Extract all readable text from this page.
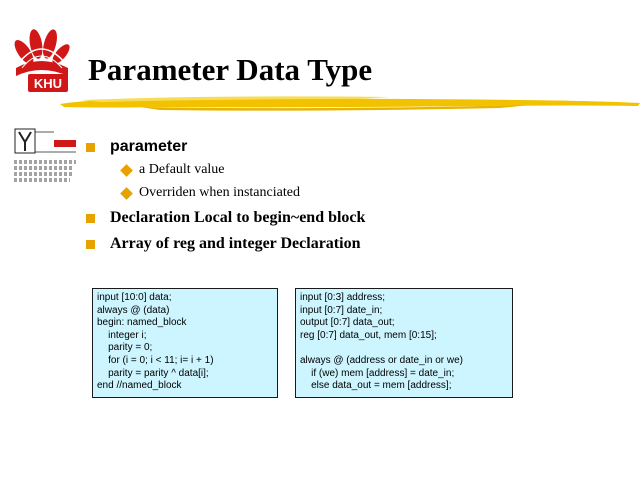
KHU Parameter Data Type
parameter
a Default value
Overriden when instanciated
Declaration Local to begin~end block
Array of reg and integer Declaration
input [10:0] data;
always @ (data)
begin: named_block
integer i;
parity = 0;
for (i = 0; i < 11; i= i + 1)
parity = parity ^ data[i];
end //named_block
input [0:3] address;
input [0:7] date_in;
output [0:7] data_out;
reg [0:7] data_out, mem [0:15];
always @ (address or date_in or we)
if (we) mem [address] = date_in;
else data_out = mem [address];
